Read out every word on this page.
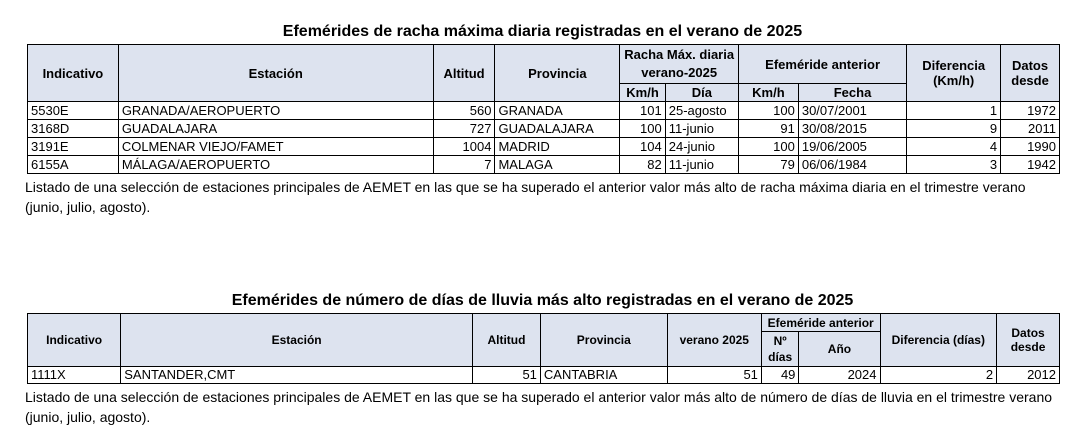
Efemérides de racha máxima diaria registradas en el verano de 2025
Indicativo	Estación	Altitud	Provincia	Racha Máx. diaria verano-2025		Efeméride anterior		Diferencia (Km/h)	Datos desde
				Km/h	Día	Km/h	Fecha		
5530E	GRANADA/AEROPUERTO	560	GRANADA	101	25-agosto	100	30/07/2001	1	1972
3168D	GUADALAJARA	727	GUADALAJARA	100	11-junio	91	30/08/2015	9	2011
3191E	COLMENAR VIEJO/FAMET	1004	MADRID	104	24-junio	100	19/06/2005	4	1990
6155A	MÁLAGA/AEROPUERTO	7	MALAGA	82	11-junio	79	06/06/1984	3	1942
Listado de una selección de estaciones principales de AEMET en las que se ha superado el anterior valor más alto de racha máxima diaria en el trimestre verano (junio, julio, agosto).
Efemérides de número de días de lluvia más alto registradas en el verano de 2025
Indicativo	Estación	Altitud	Provincia	verano 2025	Efeméride anterior		Diferencia (días)	Datos desde
					Nº días	Año		
1111X	SANTANDER,CMT	51	CANTABRIA	51	49	2024	2	2012
Listado de una selección de estaciones principales de AEMET en las que se ha superado el anterior valor más alto de número de días de lluvia en el trimestre verano (junio, julio, agosto).
